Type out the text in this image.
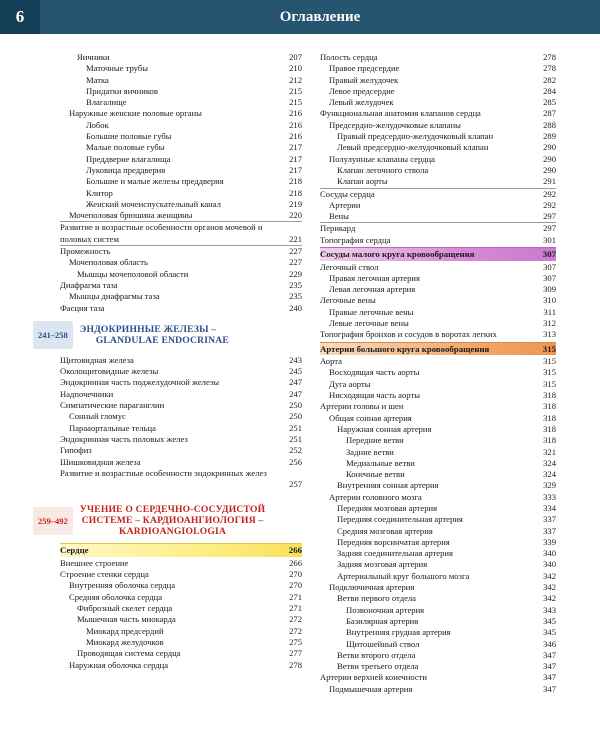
6	Оглавление
Яичники	207
Маточные трубы	210
Матка	212
Придатки яичников	215
Влагалище	215
Наружные женские половые органы	216
Лобок	216
Большие половые губы	216
Малые половые губы	217
Преддверие влагалища	217
Луковица преддверия	217
Большие и малые железы преддверия	218
Клитор	218
Женский мочеиспускательный канал	219
Мочеполовая брюшина женщины	220
Развитие и возрастные особенности органов мочевой и половых систем	221
Промежность	227
Мочеполовая область	227
Мышцы мочеполовой области	229
Диафрагма таза	235
Мышцы диафрагмы таза	235
Фасция таза	240
241–258	ЭНДОКРИННЫЕ ЖЕЛЕЗЫ –
GLANDULAE ENDOCRINAE
Щитовидная железа	243
Околощитовидные железы	245
Эндокринная часть поджелудочной железы	247
Надпочечники	247
Симпатические параганглии	250
Сонный гломус	250
Парааортальные тельца	251
Эндокринная часть половых желез	251
Гипофиз	252
Шишковидная железа	256
Развитие и возрастные особенности эндокринных желез
257
259–492
УЧЕНИЕ О СЕРДЕЧНО-СОСУДИСТОЙ
СИСТЕМЕ – КАРДИОАНГИОЛОГИЯ –
KARDIOANGIOLOGIA
Сердце	266
Внешнее строение	266
Строение стенки сердца	270
Внутренняя оболочка сердца	270
Средняя оболочка сердца	271
Фиброзный скелет сердца	271
Мышечная часть миокарда	272
Миокард предсердий	272
Миокард желудочков	275
Проводящая система сердца	277
Наружная оболочка сердца	278
Полость сердца	278
Правое предсердие	278
Правый желудочек	282
Левое предсердие	284
Левый желудочек	285
Функциональная анатомия клапанов сердца	287
Предсердно-желудочковые клапаны	288
Правый предсердно-желудочковый клапан	289
Левый предсердно-желудочковый клапан	290
Полулунные клапаны сердца	290
Клапан легочного ствола	290
Клапан аорты	291
Сосуды сердца	292
Артерии	292
Вены	297
Перикард	297
Топография сердца	301
Сосуды малого круга кровообращения	307
Легочный ствол	307
Правая легочная артерия	307
Левая легочная артерия	309
Легочные вены	310
Правые легочные вены	311
Левые легочные вены	312
Топография бронхов и сосудов в воротах легких	313
Артерии большого круга кровообращения	315
Аорта	315
Восходящая часть аорты	315
Дуга аорты	315
Нисходящая часть аорты	318
Артерии головы и шеи	318
Общая сонная артерия	318
Наружная сонная артерия	318
Передние ветви	318
Задние ветви	321
Медиальные ветви	324
Конечные ветви	324
Внутренняя сонная артерия	329
Артерии головного мозга	333
Передняя мозговая артерия	334
Передняя соединительная артерия	337
Средняя мозговая артерия	337
Передняя ворсинчатая артерия	339
Задняя соединительная артерия	340
Задняя мозговая артерия	340
Артериальный круг большого мозга	342
Подключичная артерия	342
Ветви первого отдела	342
Позвоночная артерия	343
Базилярная артерия	345
Внутренняя грудная артерия	345
Щитошейный ствол	346
Ветви второго отдела	347
Ветви третьего отдела	347
Артерии верхней конечности	347
Подмышечная артерия	347
